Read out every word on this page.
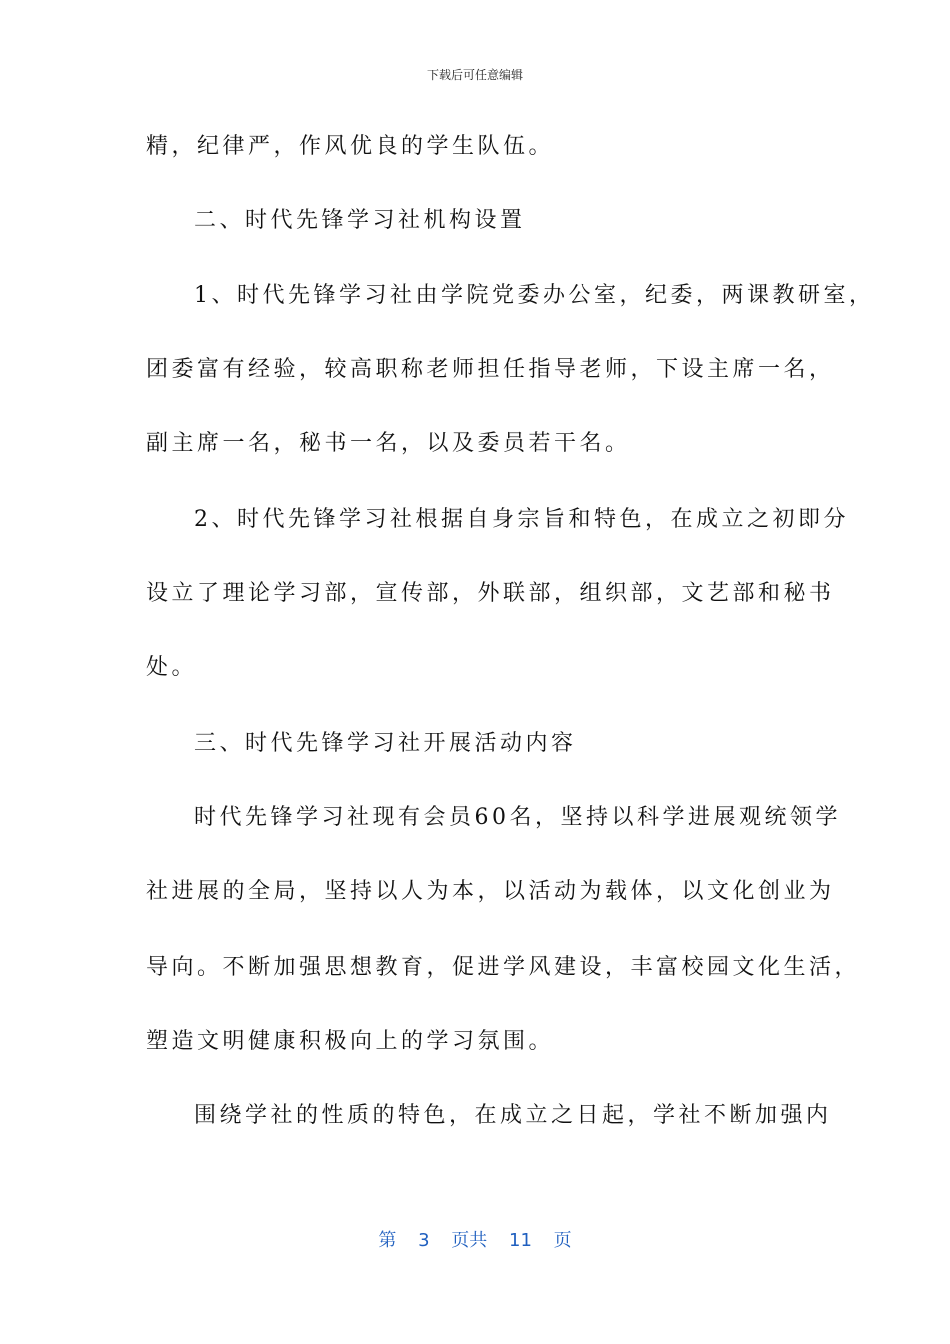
下载后可任意编辑
精，纪律严，作风优良的学生队伍。
二、时代先锋学习社机构设置
1、时代先锋学习社由学院党委办公室，纪委，两课教研室，
团委富有经验，较高职称老师担任指导老师，下设主席一名，
副主席一名，秘书一名，以及委员若干名。
2、时代先锋学习社根据自身宗旨和特色，在成立之初即分
设立了理论学习部，宣传部，外联部，组织部，文艺部和秘书
处。
三、时代先锋学习社开展活动内容
时代先锋学习社现有会员60名，坚持以科学进展观统领学
社进展的全局，坚持以人为本，以活动为载体，以文化创业为
导向。不断加强思想教育，促进学风建设，丰富校园文化生活，
塑造文明健康积极向上的学习氛围。
围绕学社的性质的特色，在成立之日起，学社不断加强内
第 3 页共 11 页
